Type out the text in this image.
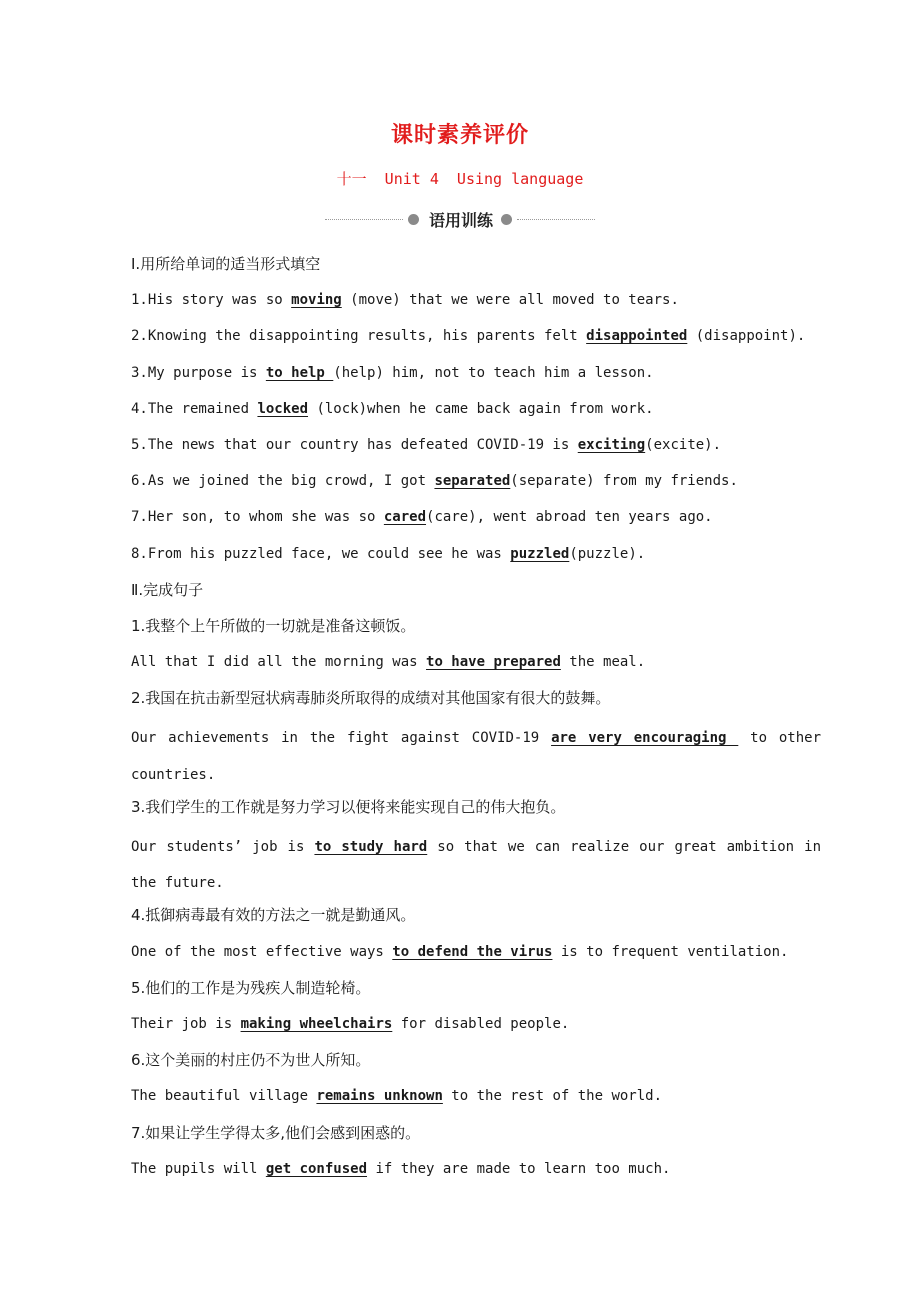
课时素养评价
十一  Unit 4  Using language
语用训练
Ⅰ.用所给单词的适当形式填空
1.His story was so moving (move) that we were all moved to tears.
2.Knowing the disappointing results, his parents felt disappointed (disappoint).
3.My purpose is to help (help) him, not to teach him a lesson.
4.The remained locked (lock)when he came back again from work.
5.The news that our country has defeated COVID-19 is exciting(excite).
6.As we joined the big crowd, I got separated(separate) from my friends.
7.Her son, to whom she was so cared(care), went abroad ten years ago.
8.From his puzzled face, we could see he was puzzled(puzzle).
Ⅱ.完成句子
1.我整个上午所做的一切就是准备这顿饭。
All that I did all the morning was to have prepared the meal.
2.我国在抗击新型冠状病毒肺炎所取得的成绩对其他国家有很大的鼓舞。
Our achievements in the fight against COVID-19 are very encouraging  to other countries.
3.我们学生的工作就是努力学习以便将来能实现自己的伟大抱负。
Our students’ job is to study hard so that we can realize our great ambition in the future.
4.抵御病毒最有效的方法之一就是勤通风。
One of the most effective ways to defend the virus is to frequent ventilation.
5.他们的工作是为残疾人制造轮椅。
Their job is making wheelchairs for disabled people.
6.这个美丽的村庄仍不为世人所知。
The beautiful village remains unknown to the rest of the world.
7.如果让学生学得太多,他们会感到困惑的。
The pupils will get confused if they are made to learn too much.
